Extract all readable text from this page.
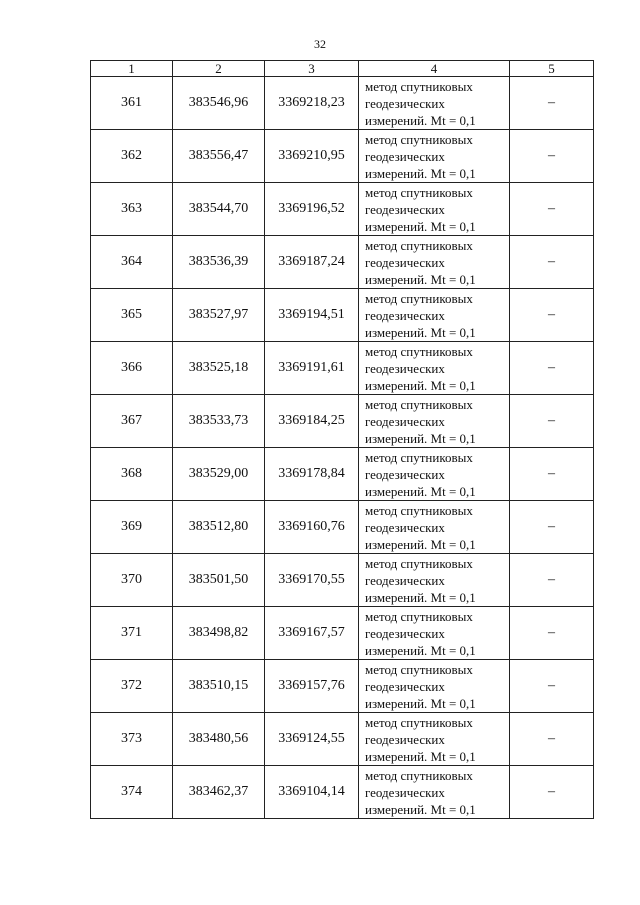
32
1	2	3	4	5
361	383546,96	3369218,23	метод спутниковых
геодезических
измерений. Mt = 0,1	–
362	383556,47	3369210,95	метод спутниковых
геодезических
измерений. Mt = 0,1	–
363	383544,70	3369196,52	метод спутниковых
геодезических
измерений. Mt = 0,1	–
364	383536,39	3369187,24	метод спутниковых
геодезических
измерений. Mt = 0,1	–
365	383527,97	3369194,51	метод спутниковых
геодезических
измерений. Mt = 0,1	–
366	383525,18	3369191,61	метод спутниковых
геодезических
измерений. Mt = 0,1	–
367	383533,73	3369184,25	метод спутниковых
геодезических
измерений. Mt = 0,1	–
368	383529,00	3369178,84	метод спутниковых
геодезических
измерений. Mt = 0,1	–
369	383512,80	3369160,76	метод спутниковых
геодезических
измерений. Mt = 0,1	–
370	383501,50	3369170,55	метод спутниковых
геодезических
измерений. Mt = 0,1	–
371	383498,82	3369167,57	метод спутниковых
геодезических
измерений. Mt = 0,1	–
372	383510,15	3369157,76	метод спутниковых
геодезических
измерений. Mt = 0,1	–
373	383480,56	3369124,55	метод спутниковых
геодезических
измерений. Mt = 0,1	–
374	383462,37	3369104,14	метод спутниковых
геодезических
измерений. Mt = 0,1	–
